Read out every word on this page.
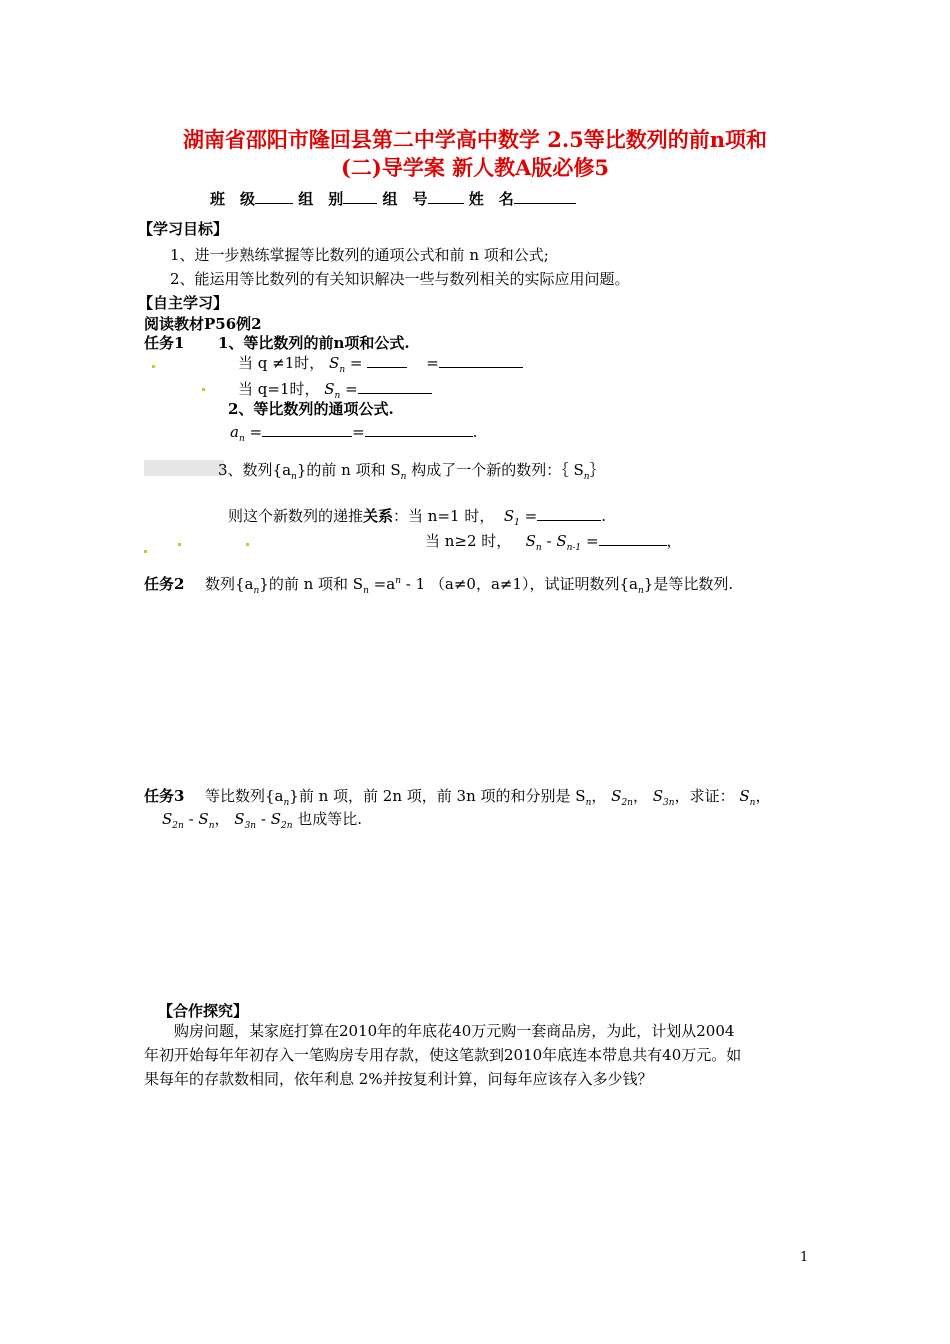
湖南省邵阳市隆回县第二中学高中数学 2.5等比数列的前n项和
(二)导学案 新人教A版必修5
班　级	组　别	组　号	姓　名
【学习目标】
1、进一步熟练掌握等比数列的通项公式和前 n 项和公式;
2、能运用等比数列的有关知识解决一些与数列相关的实际应用问题。
【自主学习】
阅读教材P56例2
任务1 1、等比数列的前n项和公式.
当 q ≠1时， $S_n$ =	=
当 q=1时， $S_n$ =
2、等比数列的通项公式.
$a_n$ =	=	.
3、数列$\{a_n\}$的前 n 项和 $S_n$ 构成了一个新的数列：｛ $S_n\}$
则这个新数列的递推关系：当 n=1 时， $S_1$ =	.
当 n≥2 时， $S_n - S_{n-1}$ =	，
任务2 数列$\{a_n\}$的前 n 项和 $S_n =a^n - 1$ （a≠0，a≠1），试证明数列$\{a_n\}$是等比数列.
任务3 等比数列$\{a_n\}$前 n 项，前 2n 项，前 3n 项的和分别是 $S_n$， $S_{2n}$， $S_{3n}$，求证： $S_n$，
$S_{2n} - S_n$， $S_{3n} - S_{2n}$ 也成等比.
【合作探究】
购房问题，某家庭打算在2010年的年底花40万元购一套商品房，为此，计划从2004
年初开始每年年初存入一笔购房专用存款，使这笔款到2010年底连本带息共有40万元。如
果每年的存款数相同，依年利息 2%并按复利计算，问每年应该存入多少钱？
1
